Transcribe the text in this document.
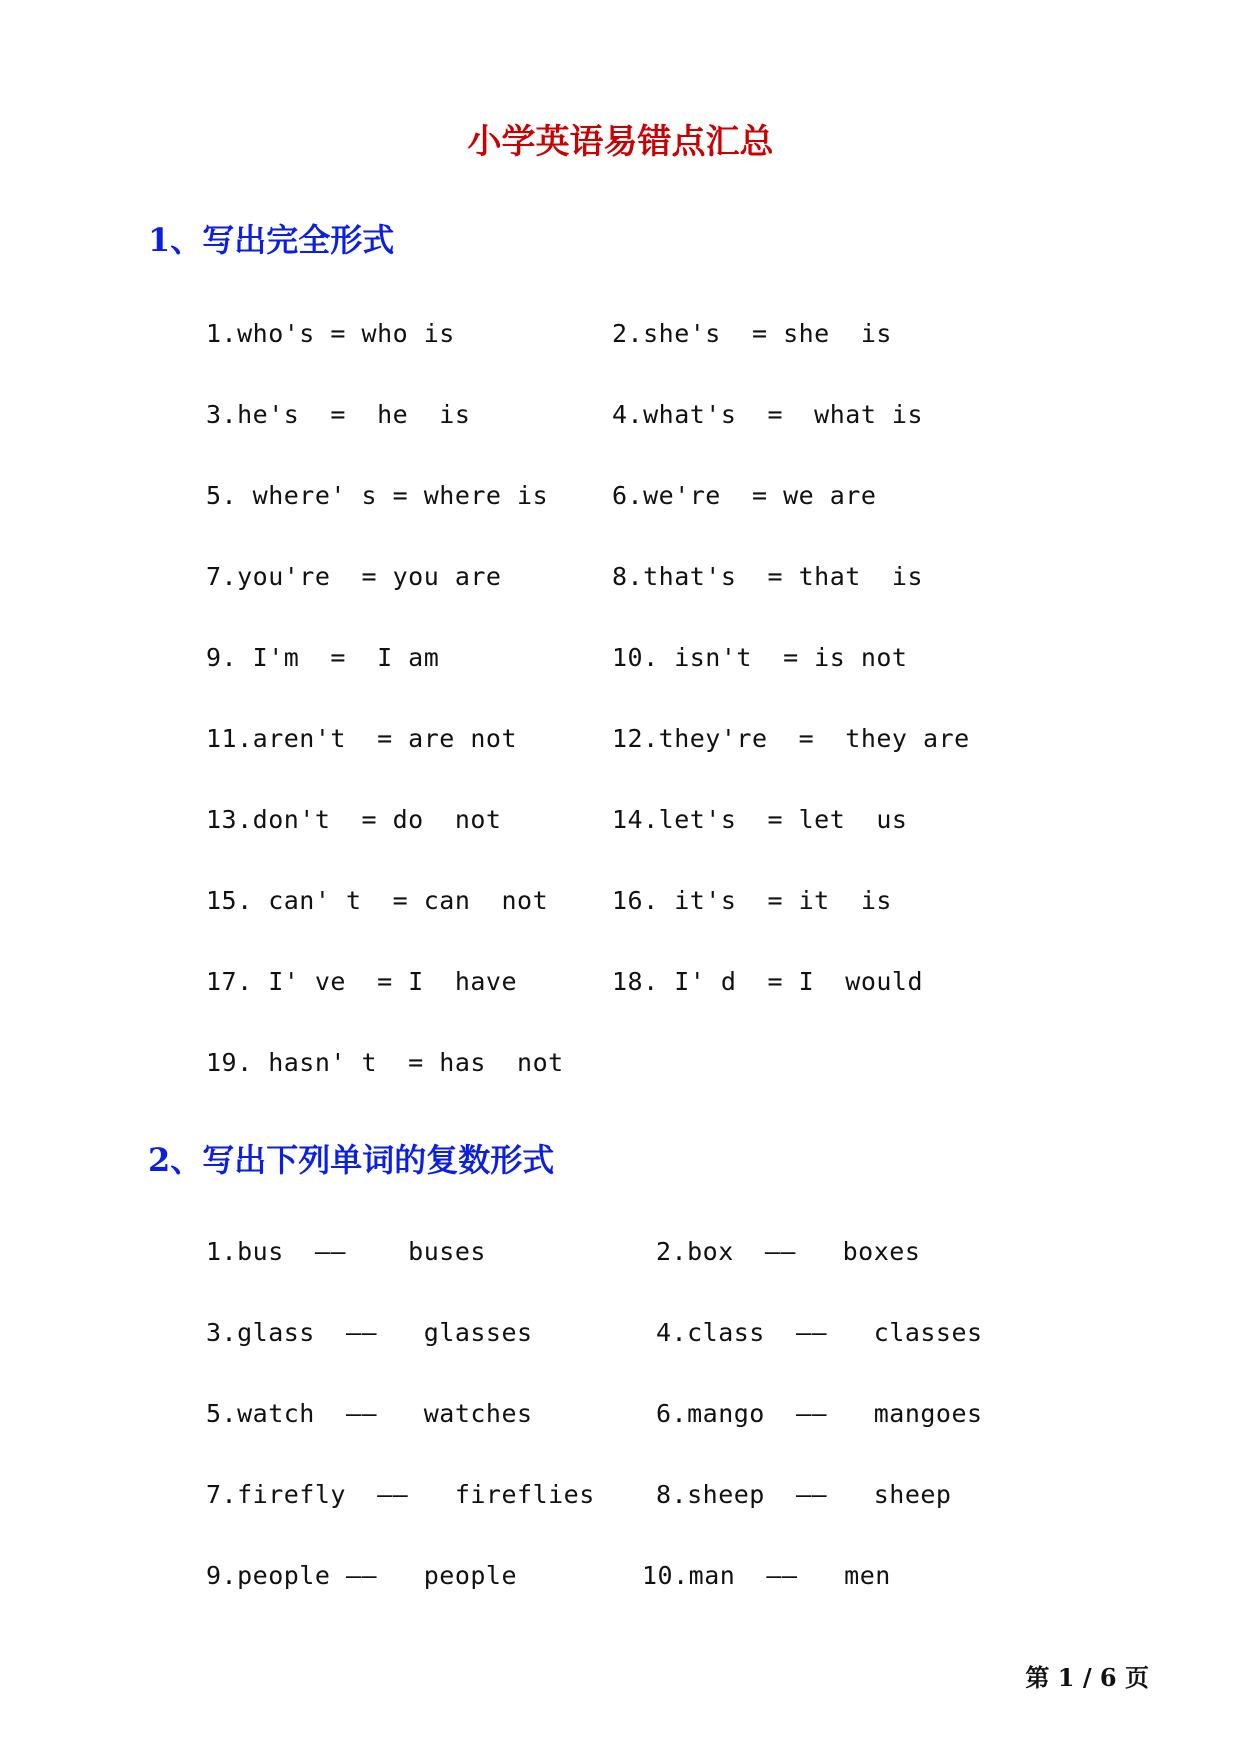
小学英语易错点汇总
1、写出完全形式
1.who's = who is	2.she's  = she  is
3.he's  =  he  is	4.what's  =  what is
5. where' s = where is	6.we're  = we are
7.you're  = you are	8.that's  = that  is
9. I'm  =  I am	10. isn't  = is not
11.aren't  = are not	12.they're  =  they are
13.don't  = do  not	14.let's  = let  us
15. can' t  = can  not	16. it's  = it  is
17. I' ve  = I  have	18. I' d  = I  would
19. hasn' t  = has  not
2、写出下列单词的复数形式
1.bus  ——    buses	2.box  ——   boxes
3.glass  ——   glasses	4.class  ——   classes
5.watch  ——   watches	6.mango  ——   mangoes
7.firefly  ——   fireflies 8.sheep  ——   sheep
9.people ——   people	10.man  ——   men
第 1 / 6 页
